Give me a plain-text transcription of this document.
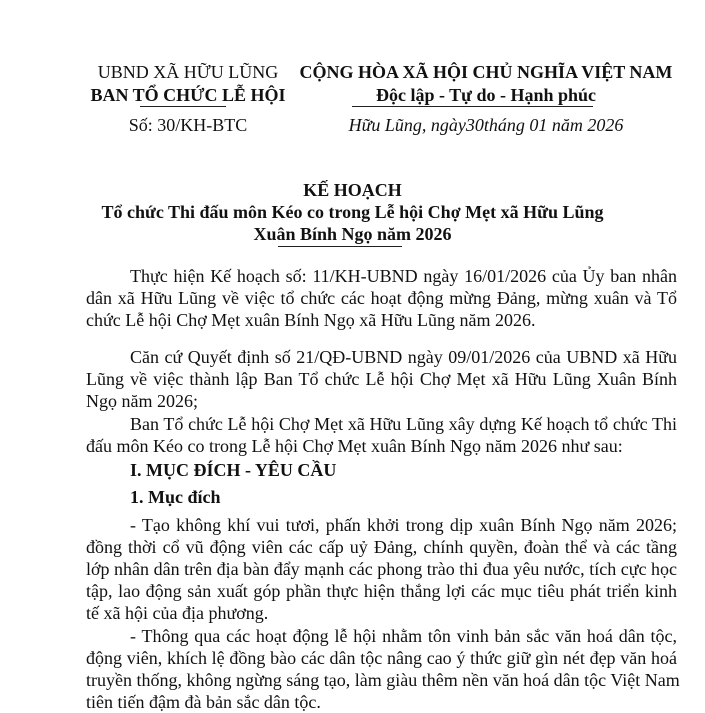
UBND XÃ HỮU LŨNG
BAN TỔ CHỨC LỄ HỘI
Số: 30/KH-BTC
CỘNG HÒA XÃ HỘI CHỦ NGHĨA VIỆT NAM
Độc lập - Tự do - Hạnh phúc
Hữu Lũng, ngày30tháng 01 năm 2026
KẾ HOẠCH
Tổ chức Thi đấu môn Kéo co trong Lễ hội Chợ Mẹt xã Hữu Lũng
Xuân Bính Ngọ năm 2026
Thực hiện Kế hoạch số: 11/KH-UBND ngày 16/01/2026 của Ủy ban nhân
dân xã Hữu Lũng về việc tổ chức các hoạt động mừng Đảng, mừng xuân và Tổ
chức Lễ hội Chợ Mẹt xuân Bính Ngọ xã Hữu Lũng năm 2026.
Căn cứ Quyết định số 21/QĐ-UBND ngày 09/01/2026 của UBND xã Hữu
Lũng về việc thành lập Ban Tổ chức Lễ hội Chợ Mẹt xã Hữu Lũng Xuân Bính
Ngọ năm 2026;
Ban Tổ chức Lễ hội Chợ Mẹt xã Hữu Lũng xây dựng Kế hoạch tổ chức Thi
đấu môn Kéo co trong Lễ hội Chợ Mẹt xuân Bính Ngọ năm 2026 như sau:
I. MỤC ĐÍCH - YÊU CẦU
1. Mục đích
- Tạo không khí vui tươi, phấn khởi trong dịp xuân Bính Ngọ năm 2026;
đồng thời cổ vũ động viên các cấp uỷ Đảng, chính quyền, đoàn thể và các tầng
lớp nhân dân trên địa bàn đẩy mạnh các phong trào thi đua yêu nước, tích cực học
tập, lao động sản xuất góp phần thực hiện thắng lợi các mục tiêu phát triển kinh
tế xã hội của địa phương.
- Thông qua các hoạt động lễ hội nhằm tôn vinh bản sắc văn hoá dân tộc,
động viên, khích lệ đồng bào các dân tộc nâng cao ý thức giữ gìn nét đẹp văn hoá
truyền thống, không ngừng sáng tạo, làm giàu thêm nền văn hoá dân tộc Việt Nam
tiên tiến đậm đà bản sắc dân tộc.
